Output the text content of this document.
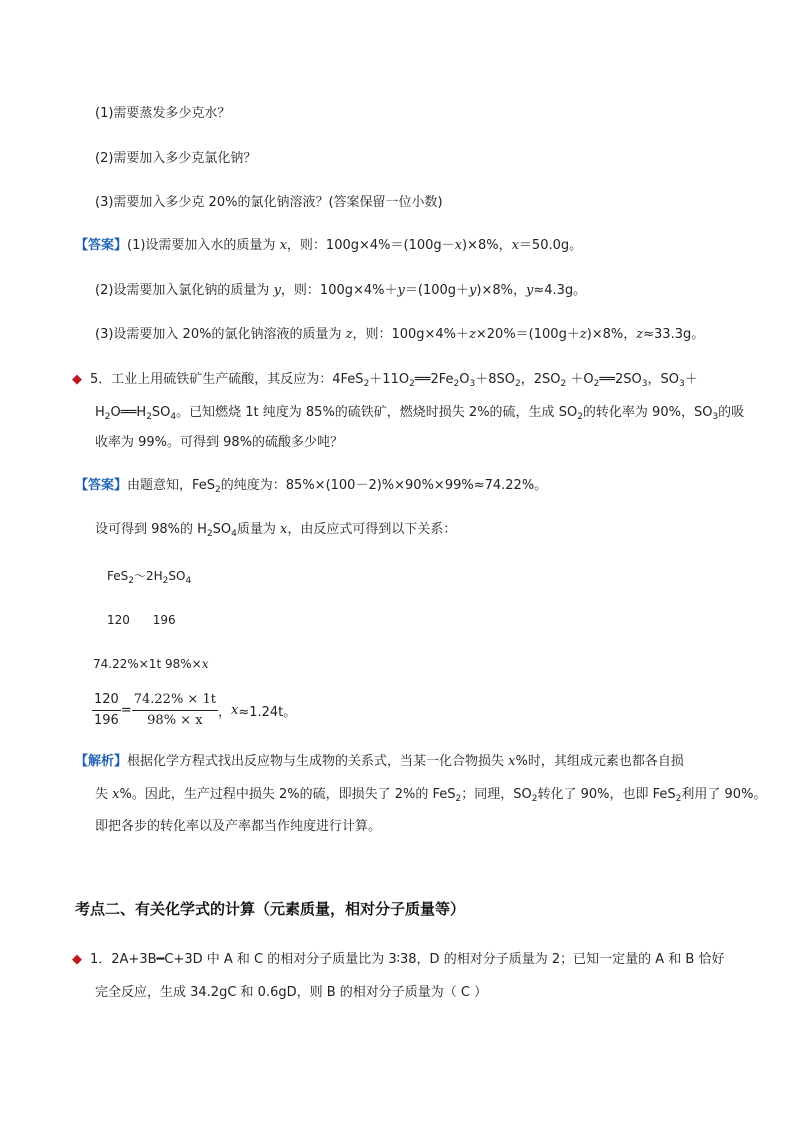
(1)需要蒸发多少克水？
(2)需要加入多少克氯化钠？
(3)需要加入多少克 20%的氯化钠溶液？(答案保留一位小数)
【答案】(1)设需要加入水的质量为 x，则：100g×4%＝(100g－x)×8%，x＝50.0g。
(2)设需要加入氯化钠的质量为 y，则：100g×4%＋y＝(100g＋y)×8%，y≈4.3g。
(3)设需要加入 20%的氯化钠溶液的质量为 z，则：100g×4%＋z×20%＝(100g＋z)×8%，z≈33.3g。
◆ 5．工业上用硫铁矿生产硫酸，其反应为：$4FeS_2+11O_2══2Fe_2O_3+8SO_2$，$2SO_2$ $+O_2══2SO_3$，$SO_3+$
$H_2O══H_2SO_4$。已知燃烧 1t 纯度为 85%的硫铁矿，燃烧时损失 2%的硫，生成 $SO_2$的转化率为 90%，$SO_3$的吸
收率为 99%。可得到 98%的硫酸多少吨？
【答案】由题意知，FeS$_2$的纯度为：85%×(100－2)%×90%×99%≈74.22%。
设可得到 98%的 $H_2SO_4$质量为 x，由反应式可得到以下关系：
$FeS_2\sim 2H_2SO_4$
120      196
74.22%×1t 98%×x
$\frac{120}{196} = \frac{74.22\% \times 1t}{98\% \times x}$ ，x≈1.24t。
【解析】根据化学方程式找出反应物与生成物的关系式，当某一化合物损失 x%时，其组成元素也都各自损
失 x%。因此，生产过程中损失 2%的硫，即损失了 2%的 FeS$_2$；同理，$SO_2$转化了 90%，也即 FeS$_2$利用了 90%。
即把各步的转化率以及产率都当作纯度进行计算。
考点二、有关化学式的计算（元素质量，相对分子质量等）
◆ 1．2A+3B━C+3D 中 A 和 C 的相对分子质量比为 3∶38，D 的相对分子质量为 2；已知一定量的 A 和 B 恰好
完全反应，生成 34.2gC 和 0.6gD，则 B 的相对分子质量为（ C ）
